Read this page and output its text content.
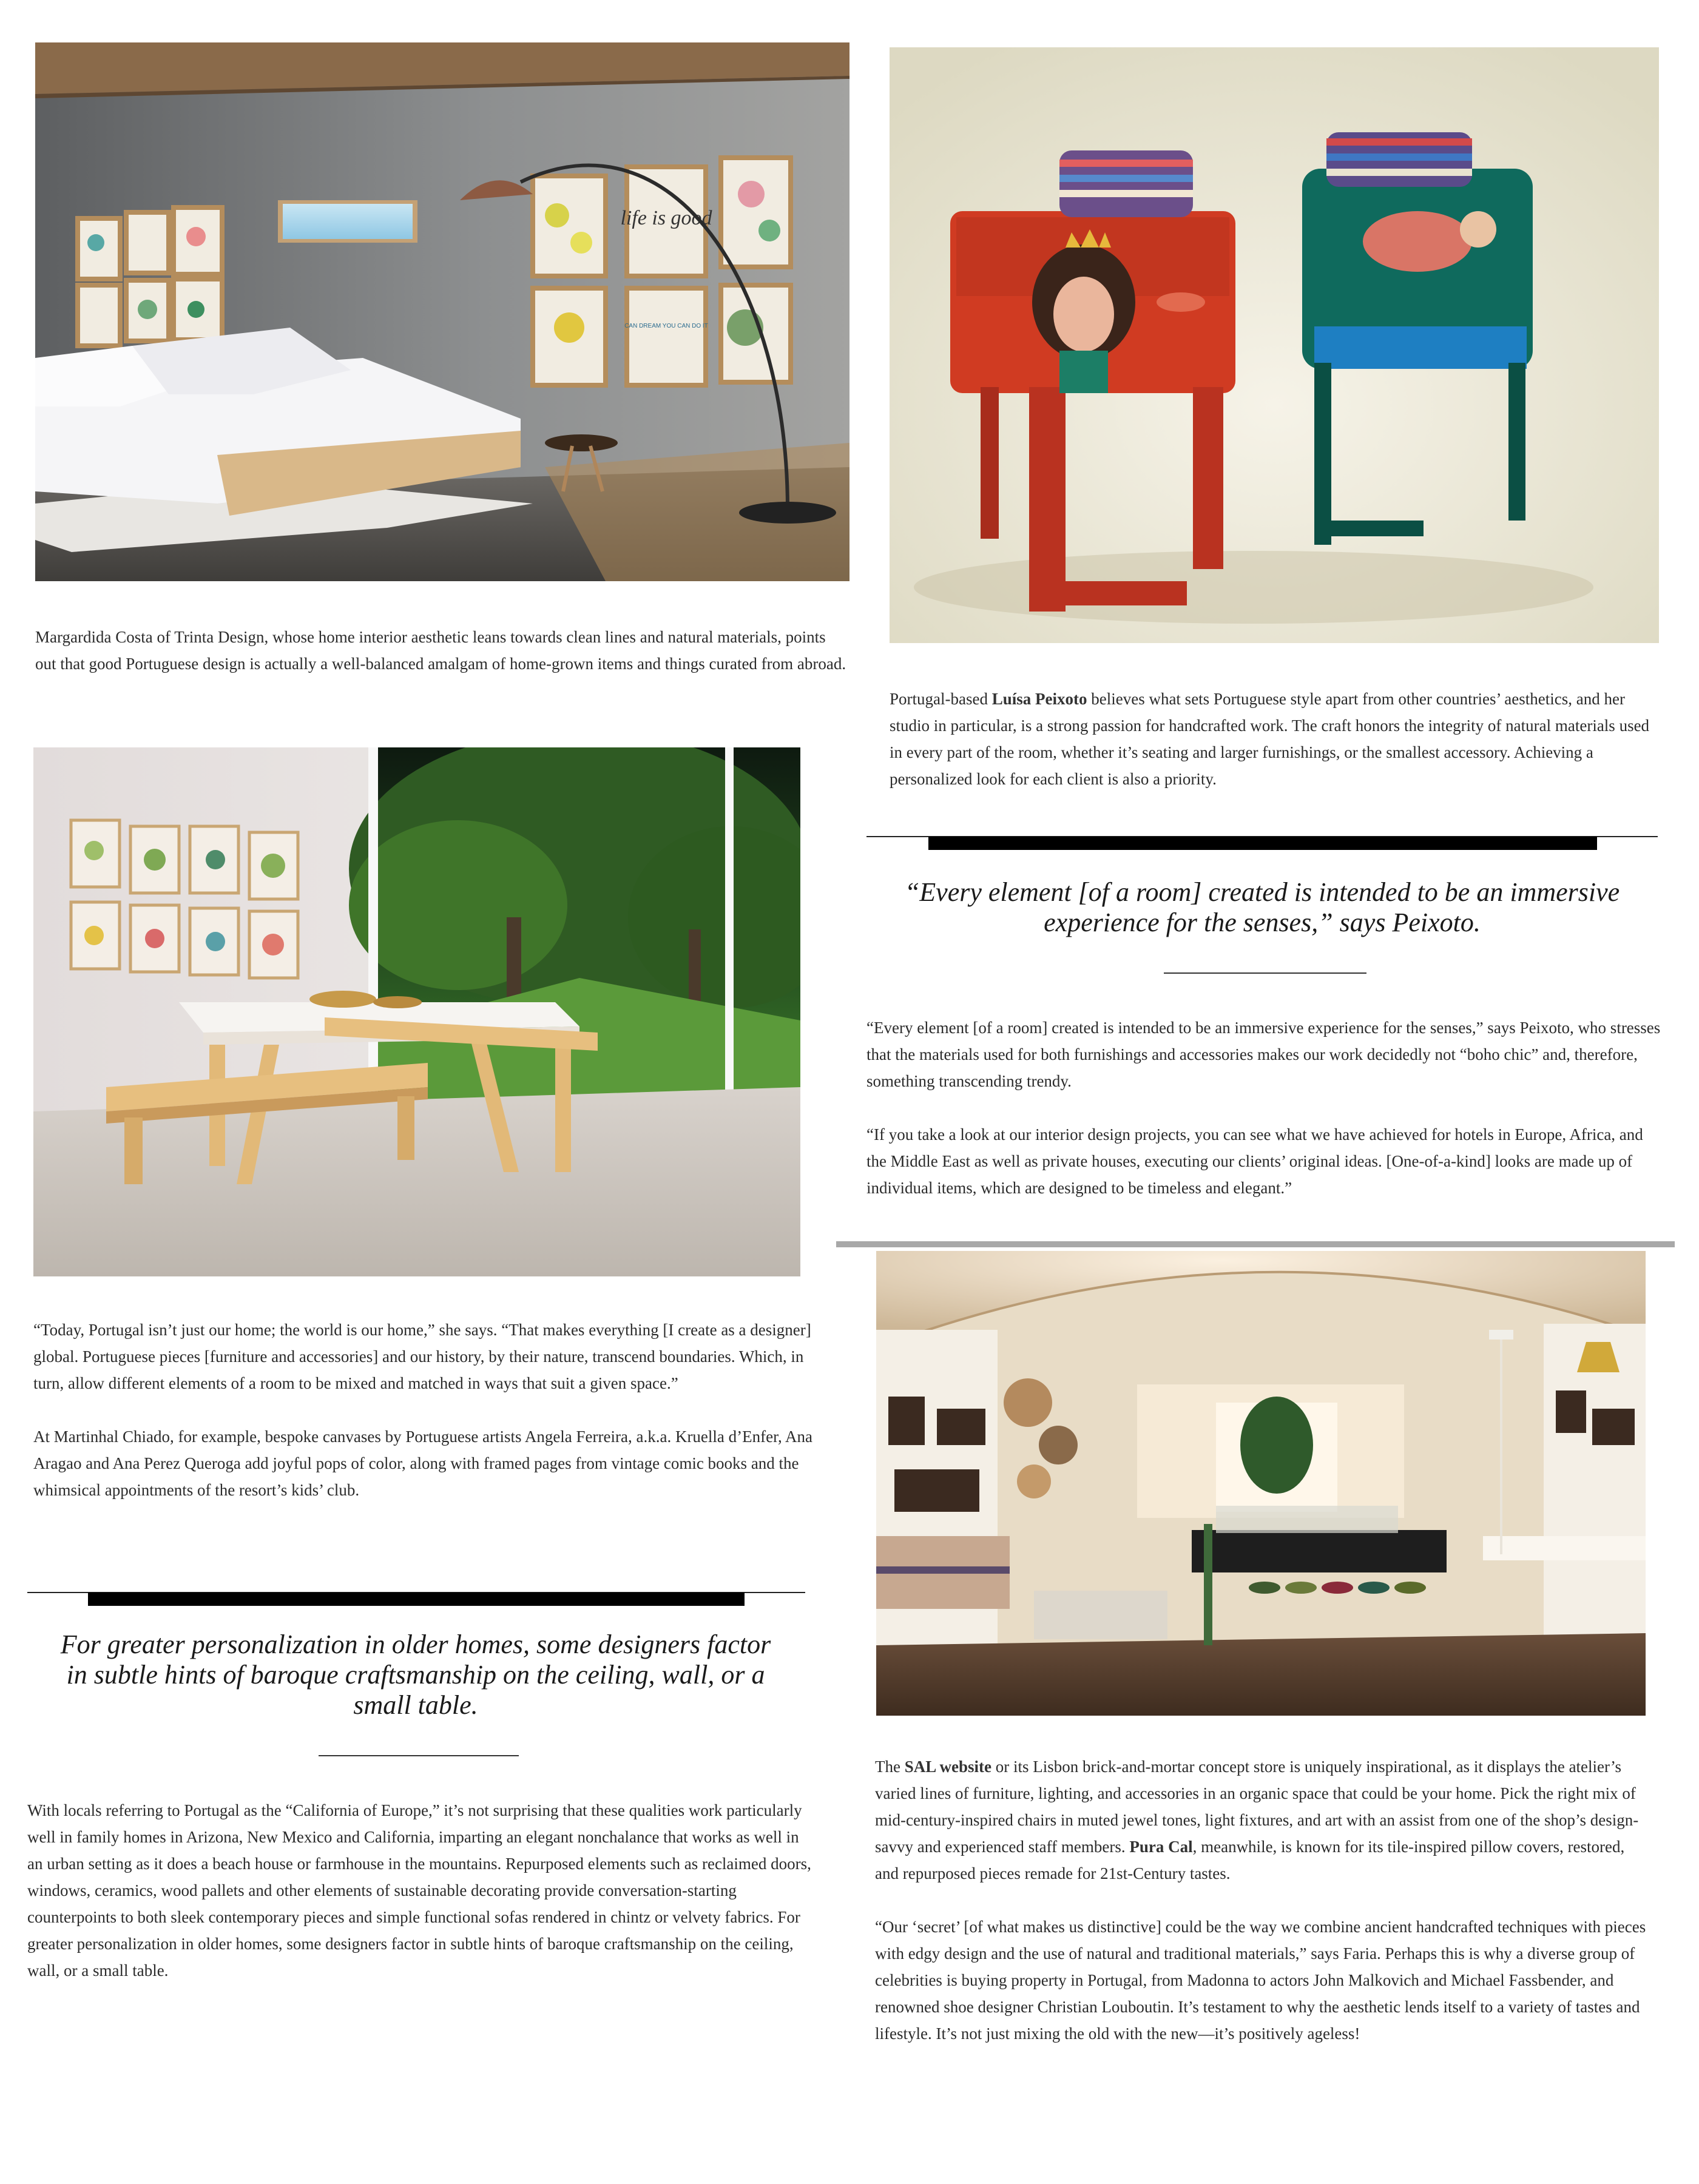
life is good
CAN DREAM YOU CAN DO IT

Margardida Costa of Trinta Design, whose home interior aesthetic leans towards clean lines and natural materials, points out that good Portuguese design is actually a well-balanced amalgam of home-grown items and things curated from abroad.

“Today, Portugal isn’t just our home; the world is our home,” she says. “That makes everything [I create as a designer] global. Portuguese pieces [furniture and accessories] and our history, by their nature, transcend boundaries. Which, in turn, allow different elements of a room to be mixed and matched in ways that suit a given space.”

At Martinhal Chiado, for example, bespoke canvases by Portuguese artists Angela Ferreira, a.k.a. Kruella d’Enfer, Ana Aragao and Ana Perez Queroga add joyful pops of color, along with framed pages from vintage comic books and the whimsical appointments of the resort’s kids’ club.

For greater personalization in older homes, some designers factor in subtle hints of baroque craftsmanship on the ceiling, wall, or a small table.

With locals referring to Portugal as the “California of Europe,” it’s not surprising that these qualities work particularly well in family homes in Arizona, New Mexico and California, imparting an elegant nonchalance that works as well in an urban setting as it does a beach house or farmhouse in the mountains. Repurposed elements such as reclaimed doors, windows, ceramics, wood pallets and other elements of sustainable decorating provide conversation-starting counterpoints to both sleek contemporary pieces and simple functional sofas rendered in chintz or velvety fabrics. For greater personalization in older homes, some designers factor in subtle hints of baroque craftsmanship on the ceiling, wall, or a small table.

Portugal-based Luísa Peixoto believes what sets Portuguese style apart from other countries’ aesthetics, and her studio in particular, is a strong passion for handcrafted work. The craft honors the integrity of natural materials used in every part of the room, whether it’s seating and larger furnishings, or the smallest accessory. Achieving a personalized look for each client is also a priority.

“Every element [of a room] created is intended to be an immersive experience for the senses,” says Peixoto.

“Every element [of a room] created is intended to be an immersive experience for the senses,” says Peixoto, who stresses that the materials used for both furnishings and accessories makes our work decidedly not “boho chic” and, therefore, something transcending trendy.

“If you take a look at our interior design projects, you can see what we have achieved for hotels in Europe, Africa, and the Middle East as well as private houses, executing our clients’ original ideas. [One-of-a-kind] looks are made up of individual items, which are designed to be timeless and elegant.”

The SAL website or its Lisbon brick-and-mortar concept store is uniquely inspirational, as it displays the atelier’s varied lines of furniture, lighting, and accessories in an organic space that could be your home. Pick the right mix of mid-century-inspired chairs in muted jewel tones, light fixtures, and art with an assist from one of the shop’s design-savvy and experienced staff members. Pura Cal, meanwhile, is known for its tile-inspired pillow covers, restored, and repurposed pieces remade for 21st-Century tastes.

“Our ‘secret’ [of what makes us distinctive] could be the way we combine ancient handcrafted techniques with pieces with edgy design and the use of natural and traditional materials,” says Faria. Perhaps this is why a diverse group of celebrities is buying property in Portugal, from Madonna to actors John Malkovich and Michael Fassbender, and renowned shoe designer Christian Louboutin. It’s testament to why the aesthetic lends itself to a variety of tastes and lifestyle. It’s not just mixing the old with the new—it’s positively ageless!
